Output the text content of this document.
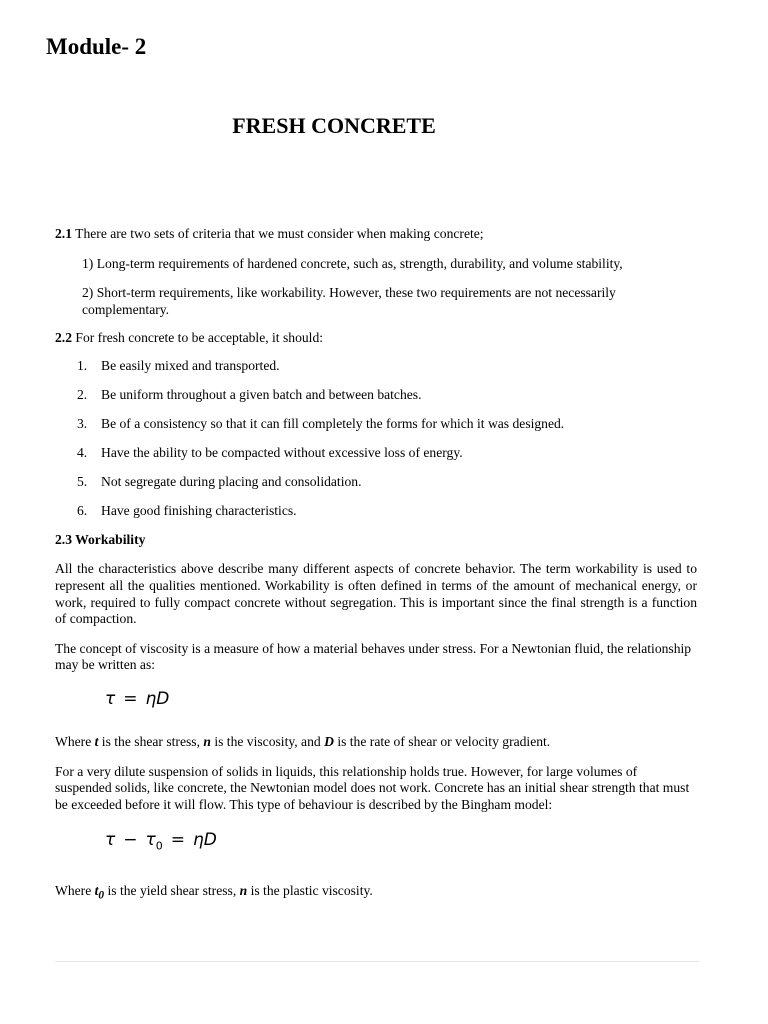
Module- 2
FRESH CONCRETE

2.1 There are two sets of criteria that we must consider when making concrete;

1) Long-term requirements of hardened concrete, such as, strength, durability, and volume stability,

2) Short-term requirements, like workability. However, these two requirements are not necessarily complementary.

2.2 For fresh concrete to be acceptable, it should:

1. Be easily mixed and transported.
2. Be uniform throughout a given batch and between batches.
3. Be of a consistency so that it can fill completely the forms for which it was designed.
4. Have the ability to be compacted without excessive loss of energy.
5. Not segregate during placing and consolidation.
6. Have good finishing characteristics.

2.3 Workability

All the characteristics above describe many different aspects of concrete behavior. The term workability is used to represent all the qualities mentioned. Workability is often defined in terms of the amount of mechanical energy, or work, required to fully compact concrete without segregation. This is important since the final strength is a function of compaction.

The concept of viscosity is a measure of how a material behaves under stress. For a Newtonian fluid, the relationship may be written as:

τ = ηD

Where t is the shear stress, n is the viscosity, and D is the rate of shear or velocity gradient.

For a very dilute suspension of solids in liquids, this relationship holds true. However, for large volumes of suspended solids, like concrete, the Newtonian model does not work. Concrete has an initial shear strength that must be exceeded before it will flow. This type of behaviour is described by the Bingham model:

$\tau - \tau_0 = \eta D$

Where $t_0$ is the yield shear stress, n is the plastic viscosity.
